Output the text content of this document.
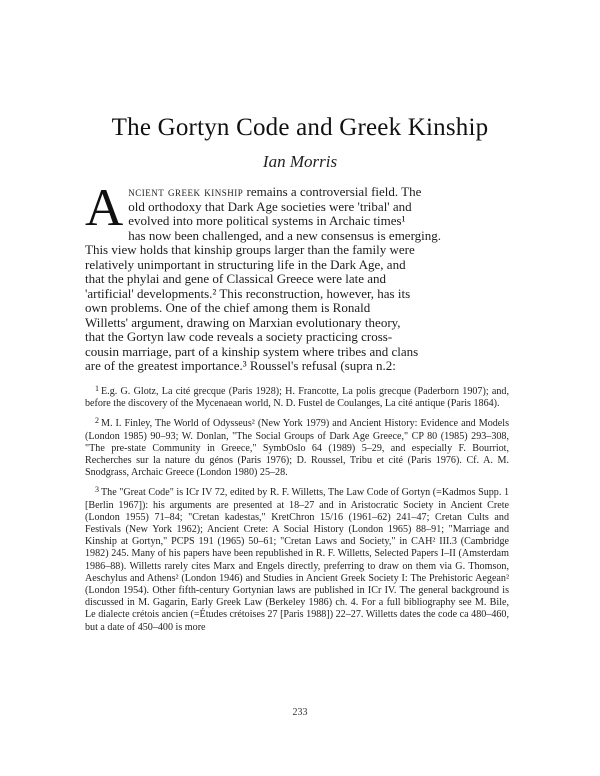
The Gortyn Code and Greek Kinship
Ian Morris
A ncient greek kinship remains a controversial field. The
old orthodoxy that Dark Age societies were 'tribal' and
evolved into more political systems in Archaic times¹
has now been challenged, and a new consensus is emerging.
This view holds that kinship groups larger than the family were
relatively unimportant in structuring life in the Dark Age, and
that the phylai and gene of Classical Greece were late and
'artificial' developments.² This reconstruction, however, has its
own problems. One of the chief among them is Ronald
Willetts' argument, drawing on Marxian evolutionary theory,
that the Gortyn law code reveals a society practicing cross-
cousin marriage, part of a kinship system where tribes and clans
are of the greatest importance.³ Roussel's refusal (supra n.2:

$^1$ E.g. G. Glotz, La cité grecque (Paris 1928); H. Francotte, La polis grecque (Paderborn 1907); and, before the discovery of the Mycenaean world, N. D. Fustel de Coulanges, La cité antique (Paris 1864).

$^2$ M. I. Finley, The World of Odysseus² (New York 1979) and Ancient History: Evidence and Models (London 1985) 90–93; W. Donlan, "The Social Groups of Dark Age Greece," CP 80 (1985) 293–308, "The pre-state Community in Greece," SymbOslo 64 (1989) 5–29, and especially F. Bourriot, Recherches sur la nature du génos (Paris 1976); D. Roussel, Tribu et cité (Paris 1976). Cf. A. M. Snodgrass, Archaic Greece (London 1980) 25–28.

$^3$ The "Great Code" is ICr IV 72, edited by R. F. Willetts, The Law Code of Gortyn (=Kadmos Supp. 1 [Berlin 1967]): his arguments are presented at 18–27 and in Aristocratic Society in Ancient Crete (London 1955) 71–84; "Cretan kadestas," KretChron 15/16 (1961–62) 241–47; Cretan Cults and Festivals (New York 1962); Ancient Crete: A Social History (London 1965) 88–91; "Marriage and Kinship at Gortyn," PCPS 191 (1965) 50–61; "Cretan Laws and Society," in CAH² III.3 (Cambridge 1982) 245. Many of his papers have been republished in R. F. Willetts, Selected Papers I–II (Amsterdam 1986–88). Willetts rarely cites Marx and Engels directly, preferring to draw on them via G. Thomson, Aeschylus and Athens² (London 1946) and Studies in Ancient Greek Society I: The Prehistoric Aegean² (London 1954). Other fifth-century Gortynian laws are published in ICr IV. The general background is discussed in M. Gagarin, Early Greek Law (Berkeley 1986) ch. 4. For a full bibliography see M. Bile, Le dialecte crétois ancien (=Études crétoises 27 [Paris 1988]) 22–27. Willetts dates the code ca 480–460, but a date of 450–400 is more

233
